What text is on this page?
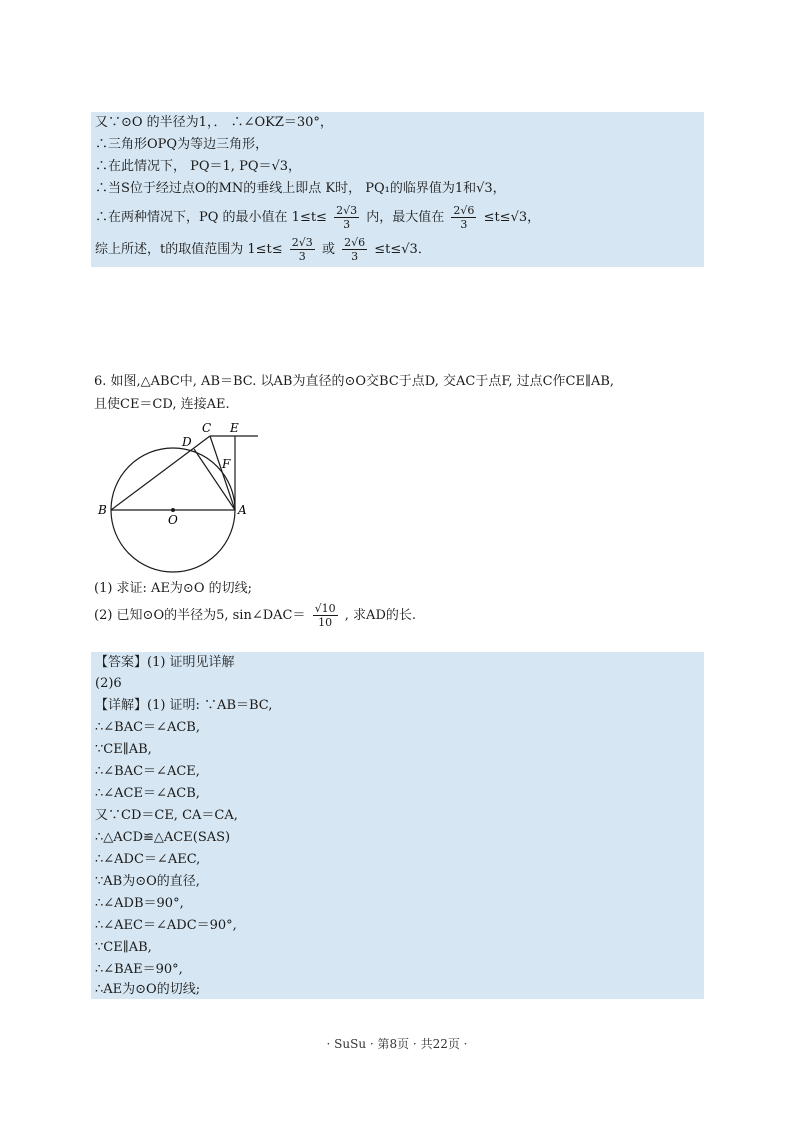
又∵⊙O 的半径为1，． ∴∠OKZ＝30°，
∴三角形OPQ为等边三角形，
∴在此情况下， PQ＝1, PQ＝√3，
∴当S位于经过点O的MN的垂线上即点 K时， PQ₁的临界值为1和√3，
∴在两种情况下，PQ 的最小值在 $1\le t\le \frac{2√3}{3}$ 内，最大值在 $\frac{2√6}{3} \le t\le√3$，
综上所述，t的取值范围为 $1\le t\le \frac{2√3}{3}$ 或 $\frac{2√6}{3} \le t\le√3$．
6. 如图,△ABC中, AB＝BC. 以AB为直径的⊙O交BC于点D, 交AC于点F, 过点C作CE∥AB,
且使CE＝CD, 连接AE.
B	A
O
C
D
E
F
(1) 求证: AE为⊙O 的切线;
(2) 已知⊙O的半径为5, sin∠DAC＝ $\frac{√10}{10}$ , 求AD的长.
【答案】(1) 证明见详解
(2)6
【详解】(1) 证明: ∵AB＝BC,
∴∠BAC＝∠ACB,
∵CE∥AB,
∴∠BAC＝∠ACE,
∴∠ACE＝∠ACB,
又∵CD＝CE, CA＝CA,
∴△ACD≌△ACE(SAS)
∴∠ADC＝∠AEC,
∵AB为⊙O的直径,
∴∠ADB＝90°,
∴∠AEC＝∠ADC＝90°,
∵CE∥AB,
∴∠BAE＝90°,
∴AE为⊙O的切线;
· SuSu · 第8页 · 共22页 ·
